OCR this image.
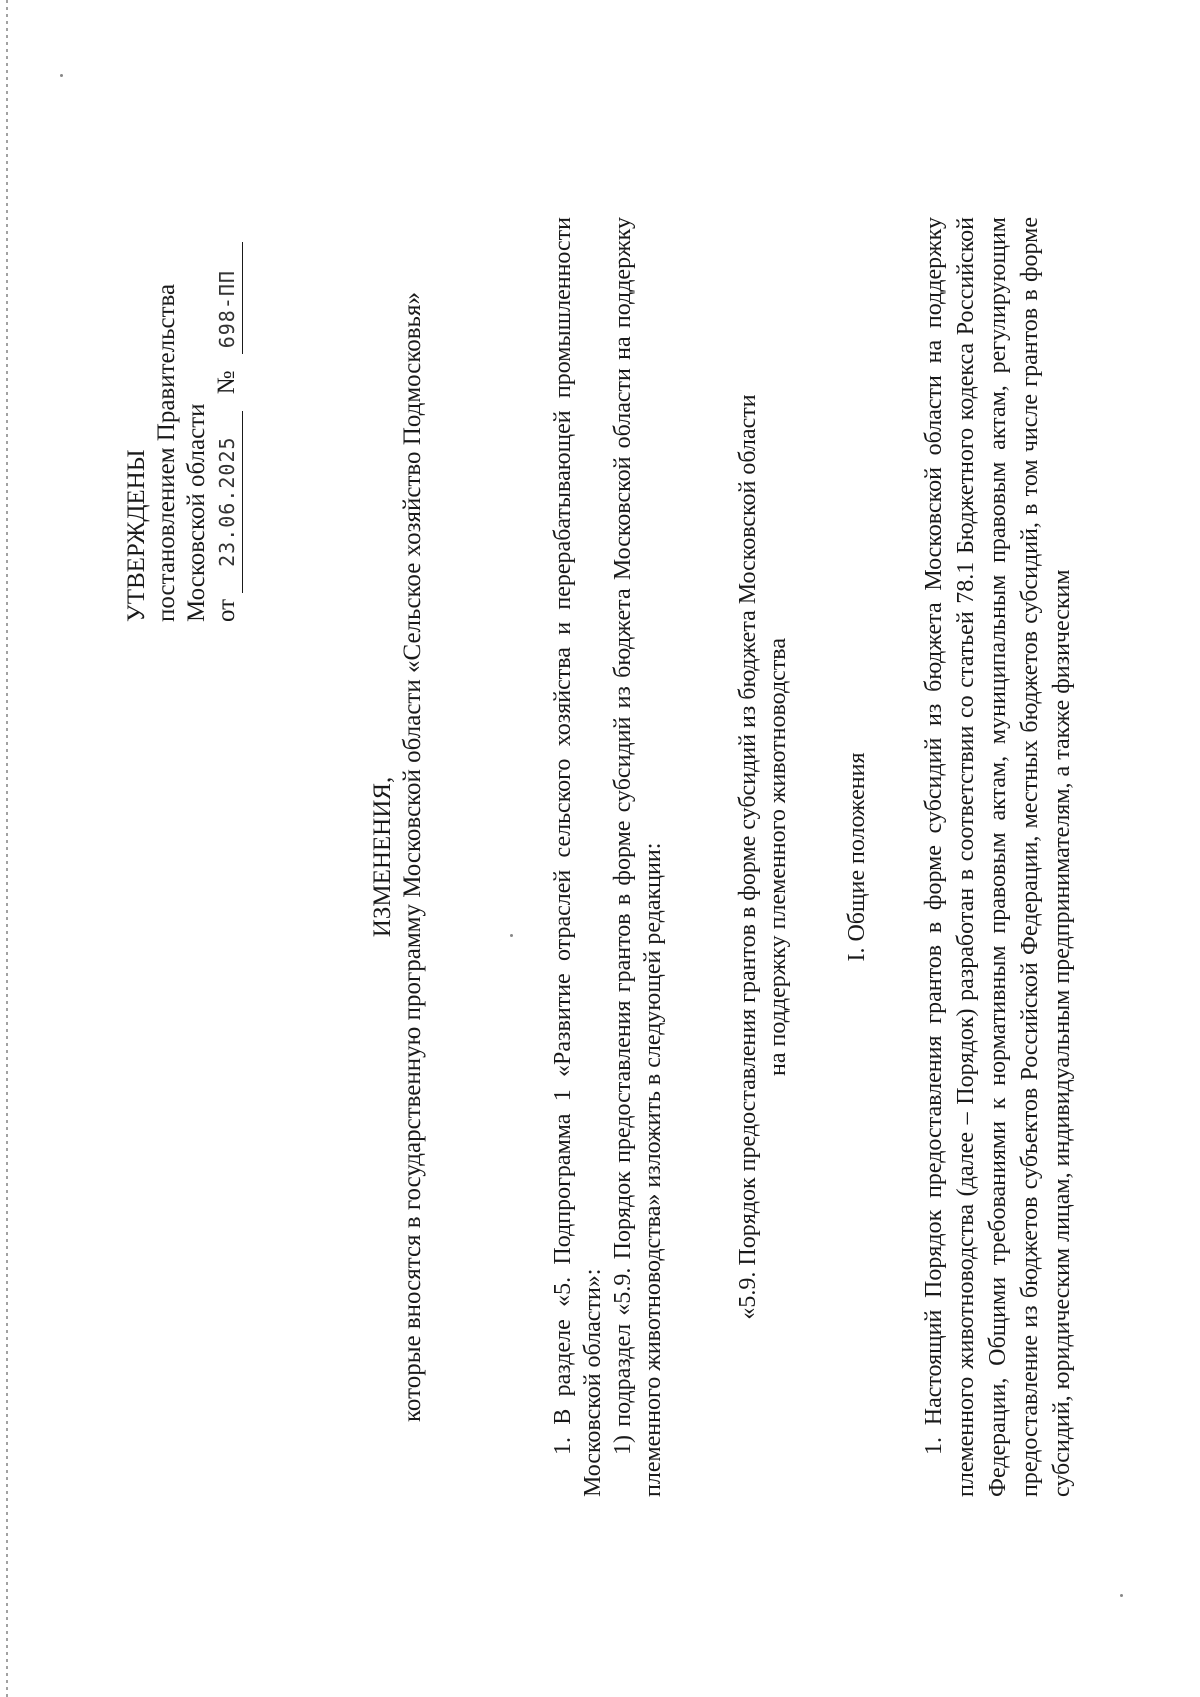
УТВЕРЖДЕНЫ постановлением Правительства Московской области от 23.06.2025 № 698-ПП
ИЗМЕНЕНИЯ, которые вносятся в государственную программу Московской области «Сельское хозяйство Подмосковья»	1. В разделе «5. Подпрограмма 1 «Развитие отраслей сельского хозяйства и перерабатывающей промышленности Московской области»: 1) подраздел «5.9. Порядок предоставления грантов в форме субсидий из бюджета Московской области на поддержку племенного животноводства» изложить в следующей редакции:	«5.9. Порядок предоставления грантов в форме субсидий из бюджета Московской области на поддержку племенного животноводства I. Общие положения 1. Настоящий Порядок предоставления грантов в форме субсидий из бюджета Московской области на поддержку племенного животноводства (далее – Порядок) разработан в соответствии со статьей 78.1 Бюджетного кодекса Российской Федерации, Общими требованиями к нормативным правовым актам, муниципальным правовым актам, регулирующим предоставление из бюджетов субъектов Российской Федерации, местных бюджетов субсидий, в том числе грантов в форме субсидий, юридическим лицам, индивидуальным предпринимателям, а также физическим
